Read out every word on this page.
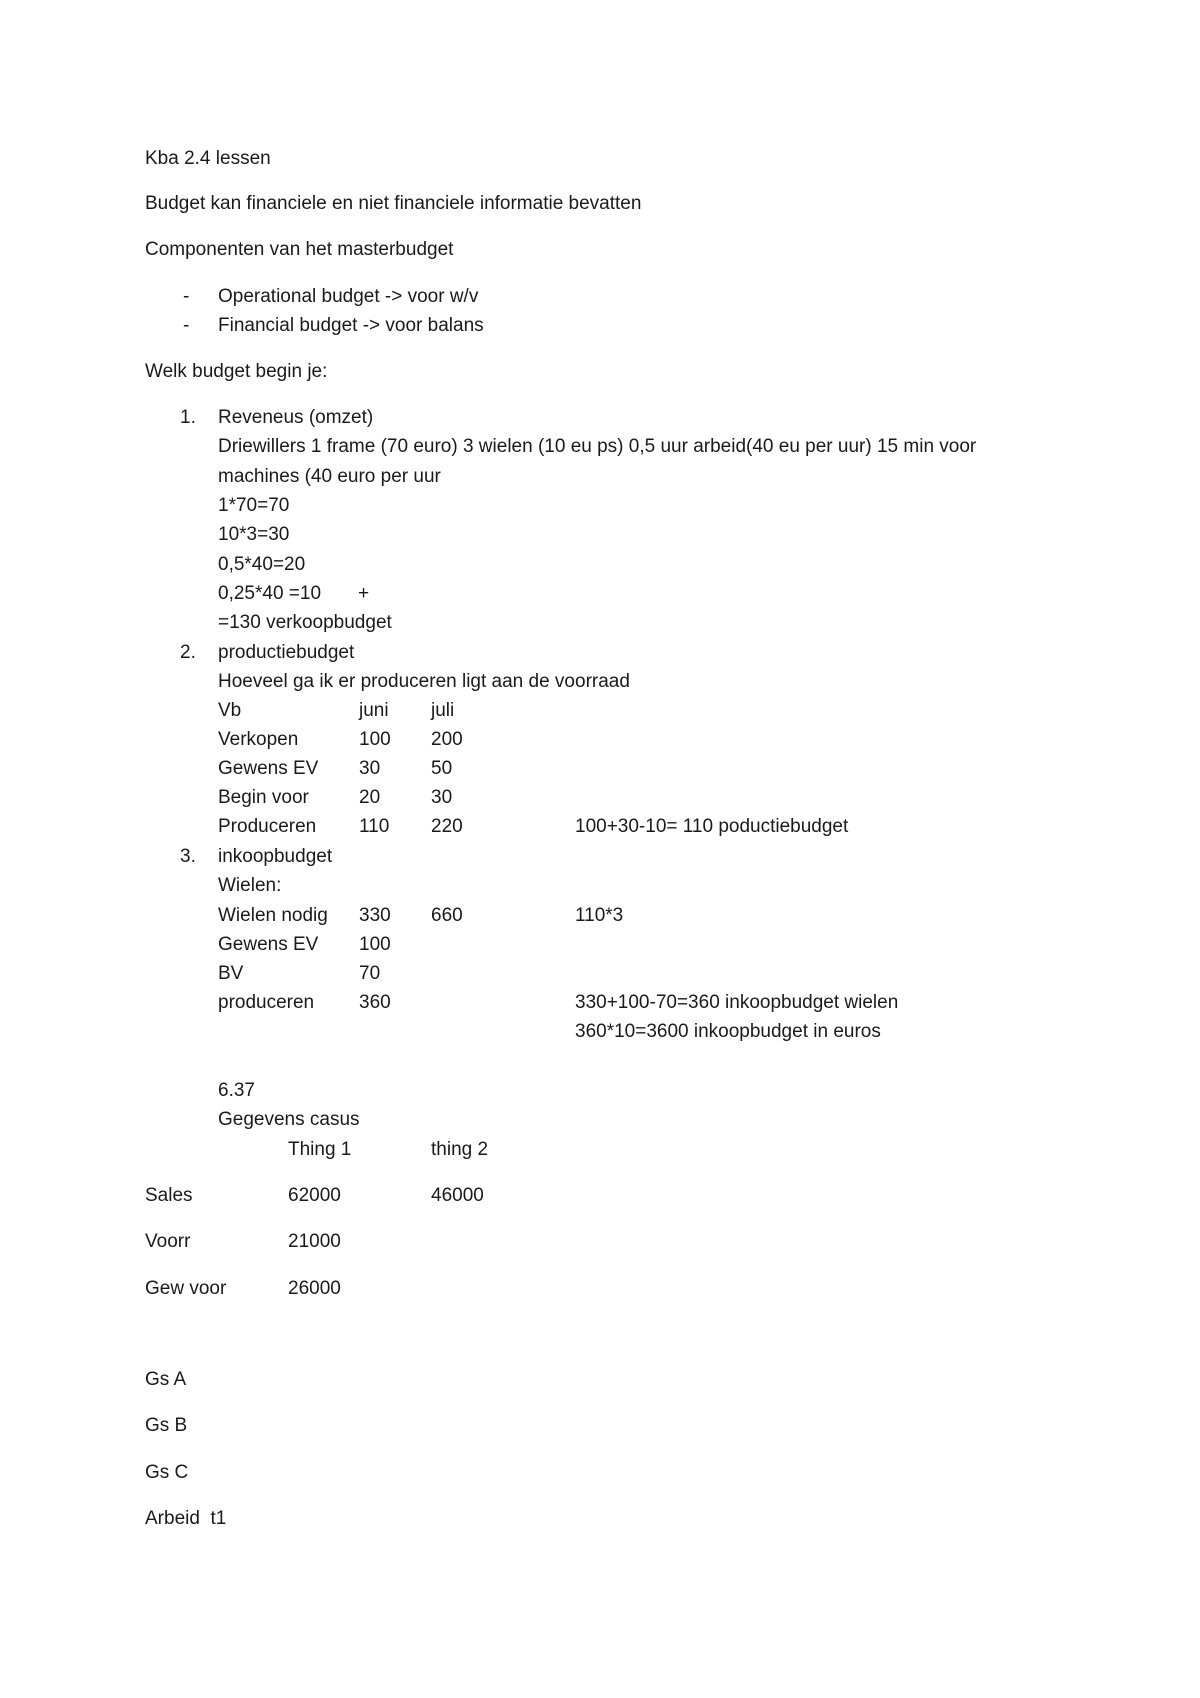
Kba 2.4 lessen
Budget kan financiele en niet financiele informatie bevatten
Componenten van het masterbudget
- Operational budget -> voor w/v
- Financial budget -> voor balans
Welk budget begin je:
1. Reveneus (omzet)
Driewillers 1 frame (70 euro) 3 wielen (10 eu ps) 0,5 uur arbeid(40 eu per uur) 15 min voor
machines (40 euro per uur
1*70=70
10*3=30
0,5*40=20
0,25*40 =10 +
=130 verkoopbudget
2. productiebudget
Hoeveel ga ik er produceren ligt aan de voorraad
Vb	juni juli
Verkopen	100 200
Gewens EV 30	50
Begin voor	20	30
Produceren 110 220	100+30-10= 110 poductiebudget
3. inkoopbudget
Wielen:
Wielen nodig 330 660	110*3
Gewens EV 100
BV	70
produceren 360	330+100-70=360 inkoopbudget wielen
360*10=3600 inkoopbudget in euros
6.37
Gegevens casus
Thing 1	thing 2
Sales	62000	46000
Voorr	21000
Gew voor	26000
Gs A
Gs B
Gs C
Arbeid  t1
